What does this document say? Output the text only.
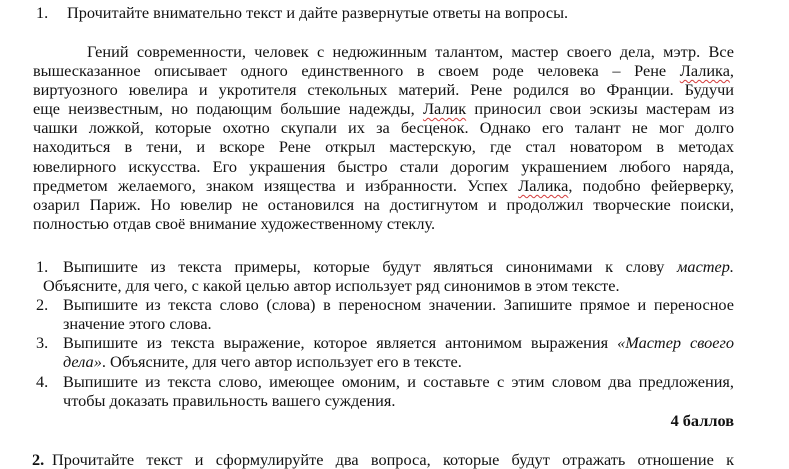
1. Прочитайте внимательно текст и дайте развернутые ответы на вопросы.
Гений современности, человек с недюжинным талантом, мастер своего дела, мэтр. Все
вышесказанное описывает одного единственного в своем роде человека – Рене Лалика,
виртуозного ювелира и укротителя стекольных материй. Рене родился во Франции. Будучи
еще неизвестным, но подающим большие надежды, Лалик приносил свои эскизы мастерам из
чашки ложкой, которые охотно скупали их за бесценок. Однако его талант не мог долго
находиться в тени, и вскоре Рене открыл мастерскую, где стал новатором в методах
ювелирного искусства. Его украшения быстро стали дорогим украшением любого наряда,
предметом желаемого, знаком изящества и избранности. Успех Лалика, подобно фейерверку,
озарил Париж. Но ювелир не остановился на достигнутом и продолжил творческие поиски,
полностью отдав своё внимание художественному стеклу.
1. Выпишите из текста примеры, которые будут являться синонимами к слову мастер.
Объясните, для чего, с какой целью автор использует ряд синонимов в этом тексте.
2. Выпишите из текста слово (слова) в переносном значении. Запишите прямое и переносное
значение этого слова.
3. Выпишите из текста выражение, которое является антонимом выражения «Мастер своего
дела». Объясните, для чего автор использует его в тексте.
4. Выпишите из текста слово, имеющее омоним, и составьте с этим словом два предложения,
чтобы доказать правильность вашего суждения.
4 баллов
2. Прочитайте текст и сформулируйте два вопроса, которые будут отражать отношение к
